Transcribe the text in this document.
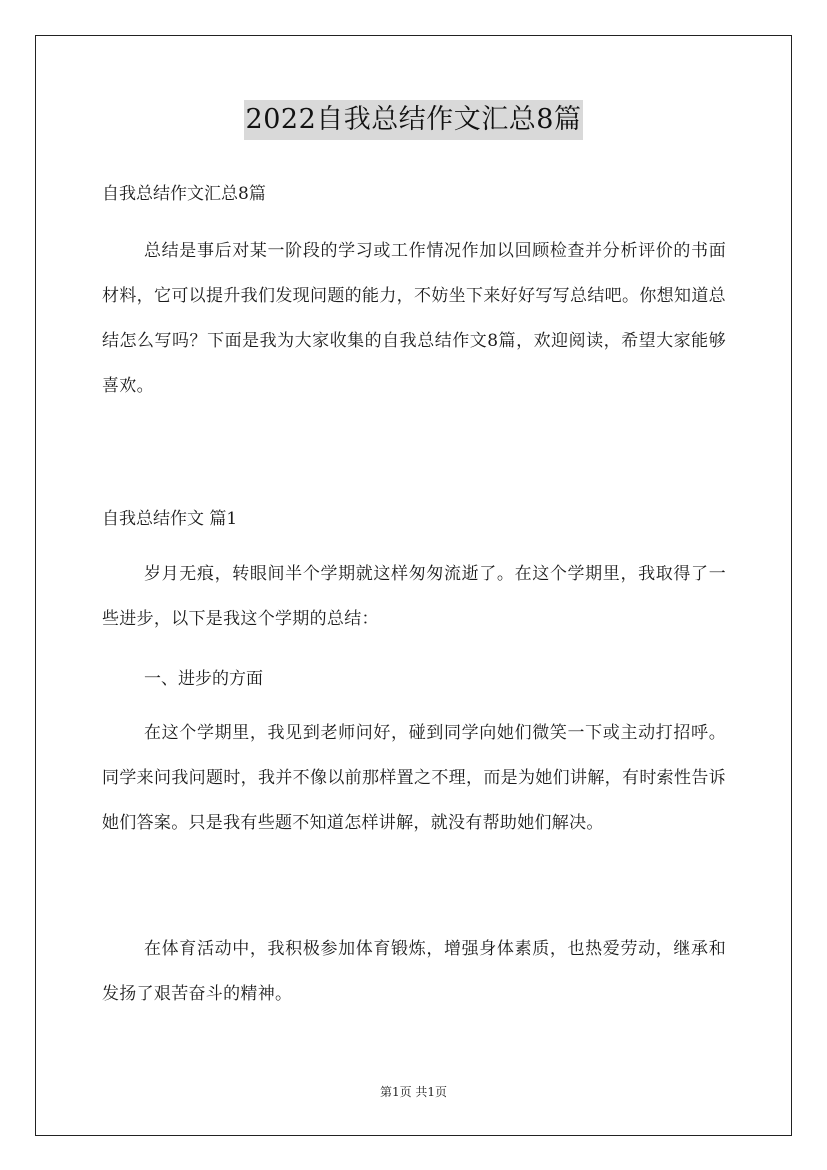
2022自我总结作文汇总8篇
自我总结作文汇总8篇
总结是事后对某一阶段的学习或工作情况作加以回顾检查并分析评价的书面材料，它可以提升我们发现问题的能力，不妨坐下来好好写写总结吧。你想知道总结怎么写吗？下面是我为大家收集的自我总结作文8篇，欢迎阅读，希望大家能够喜欢。
自我总结作文 篇1
岁月无痕，转眼间半个学期就这样匆匆流逝了。在这个学期里，我取得了一些进步，以下是我这个学期的总结：
一、进步的方面
在这个学期里，我见到老师问好，碰到同学向她们微笑一下或主动打招呼。同学来问我问题时，我并不像以前那样置之不理，而是为她们讲解，有时索性告诉她们答案。只是我有些题不知道怎样讲解，就没有帮助她们解决。
在体育活动中，我积极参加体育锻炼，增强身体素质，也热爱劳动，继承和发扬了艰苦奋斗的精神。
第1页 共1页
